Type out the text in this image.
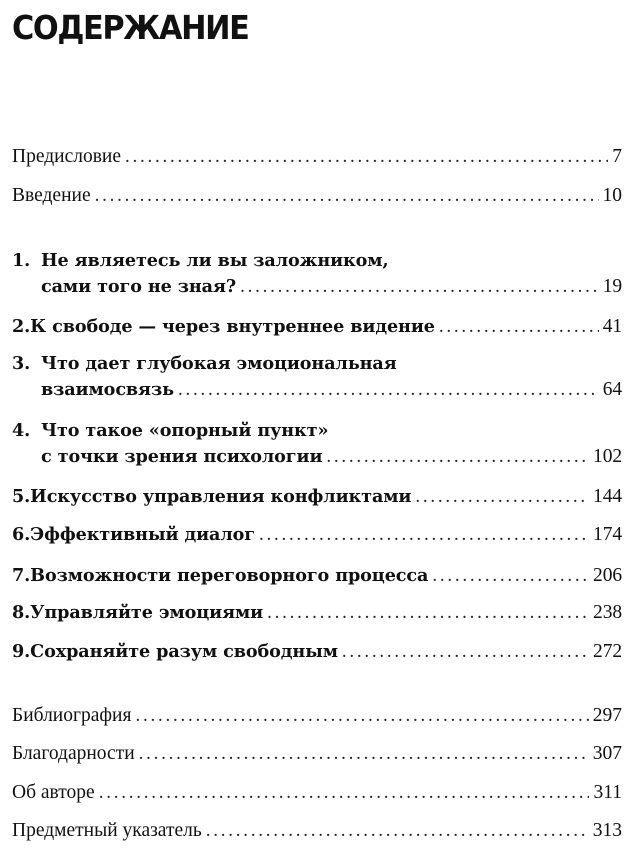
СОДЕРЖАНИЕ
Предисловие . . .	7
Введение . . .	10
1. Не являетесь ли вы заложником,
сами того не зная? . . .	19
2. К свободе — через внутреннее видение . . .	41
3. Что дает глубокая эмоциональная
взаимосвязь . . .	64
4. Что такое «опорный пункт»
с точки зрения психологии . . .	102
5. Искусство управления конфликтами . . .	144
6. Эффективный диалог . . .	174
7. Возможности переговорного процесса . . .	206
8. Управляйте эмоциями . . .	238
9. Сохраняйте разум свободным . . .	272
Библиография . . .	297
Благодарности . . .	307
Об авторе . . .	311
Предметный указатель . . .	313
